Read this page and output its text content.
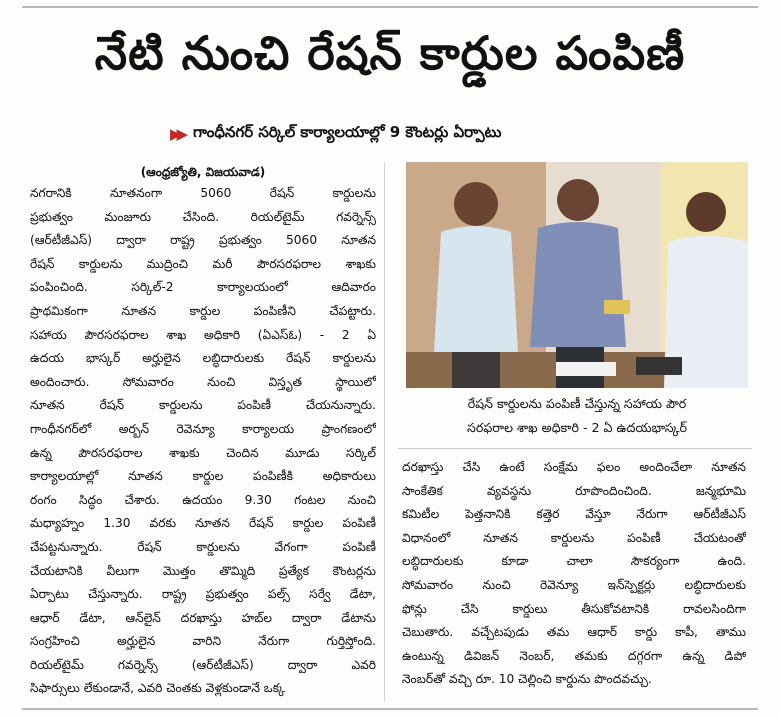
నేటి నుంచి రేషన్‌ కార్డుల పంపిణీ
▶▶ గాంధీనగర్‌ సర్కిల్‌ కార్యాలయాల్లో 9 కౌంటర్లు ఏర్పాటు
(ఆంధ్రజ్యోతి, విజయవాడ)
నగరానికి నూతనంగా 5060 రేషన్‌ కార్డులను
ప్రభుత్వం మంజూరు చేసింది. రియల్‌టైమ్‌ గవర్నెన్స్‌
(ఆర్‌టీజీఎస్‌) ద్వారా రాష్ట్ర ప్రభుత్వం 5060 నూతన
రేషన్‌ కార్డులను ముద్రించి మరీ పౌరసరఫరాల శాఖకు
పంపించింది. సర్కిల్‌-2 కార్యాలయంలో ఆదివారం
ప్రాథమికంగా నూతన కార్డుల పంపిణీని చేపట్టారు.
సహాయ పౌరసరఫరాల శాఖ అధికారి (ఏఎస్‌ఓ) - 2 ఏ
ఉదయ భాస్కర్‌ అర్హులైన లబ్ధిదారులకు రేషన్‌ కార్డులను
అందించారు. సోమవారం నుంచి విస్తృత స్థాయిలో
నూతన రేషన్‌ కార్డులను పంపిణీ చేయనున్నారు.
గాంధీనగర్‌లో అర్బన్‌ రెవెన్యూ కార్యాలయ ప్రాంగణంలో
ఉన్న పౌరసరఫరాల శాఖకు చెందిన మూడు సర్కిల్‌
కార్యాలయాల్లో నూతన కార్డుల పంపిణీకి అధికారులు
రంగం సిద్ధం చేశారు. ఉదయం 9.30 గంటల నుంచి
మధ్యాహ్నం 1.30 వరకు నూతన రేషన్‌ కార్డుల పంపిణీ
చేపట్టనున్నారు. రేషన్‌ కార్డులను వేగంగా పంపిణీ
చేయటానికి వీలుగా మొత్తం తొమ్మిది ప్రత్యేక కౌంటర్లను
ఏర్పాటు చేస్తున్నారు. రాష్ట్ర ప్రభుత్వం పల్స్‌ సర్వే డేటా,
ఆధార్‌ డేటా, ఆన్‌లైన్‌ దరఖాస్తు హబ్‌ల ద్వారా డేటాను
సంగ్రహించి అర్హులైన వారిని నేరుగా గుర్తిస్తోంది.
రియల్‌టైమ్‌ గవర్నెన్స్‌ (ఆర్‌టీజీఎస్‌) ద్వారా ఎవరి
సిఫార్సులు లేకుండానే, ఎవరి చెంతకు వెళ్లకుండానే ఒక్క
రేషన్‌ కార్డులను పంపిణీ చేస్తున్న సహాయ పౌర
సరఫరాల శాఖ అధికారి - 2 ఏ ఉదయభాస్కర్‌
దరఖాస్తు చేసి ఉంటే సంక్షేమ ఫలం అందించేలా నూతన
సాంకేతిక వ్యవస్థను రూపొందించింది. జన్మభూమి
కమిటీల పెత్తనానికి కత్తెర వేస్తూ నేరుగా ఆర్‌టీజీఎస్‌
విధానంలో నూతన కార్డులను పంపిణీ చేయటంతో
లబ్ధిదారులకు కూడా చాలా సౌకర్యంగా ఉంది.
సోమవారం నుంచి రెవెన్యూ ఇన్‌స్పెక్టర్లు లబ్ధిదారులకు
ఫోన్లు చేసి కార్డులు తీసుకోవటానికి రావలసిందిగా
చెబుతారు. వచ్చేటపుడు తమ ఆధార్‌ కార్డు కాపీ, తాము
ఉంటున్న డివిజన్‌ నెంబర్‌, తమకు దగ్గరగా ఉన్న డిపో
నెంబర్‌తో వచ్చి రూ. 10 చెల్లించి కార్డును పొందవచ్చు.
